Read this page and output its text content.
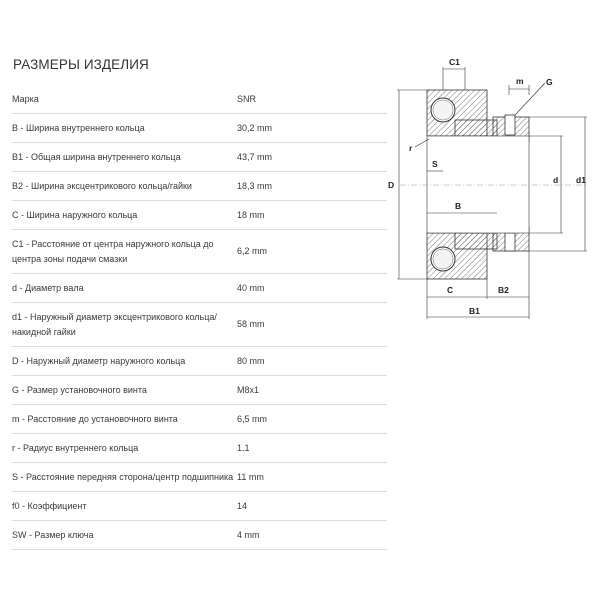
РАЗМЕРЫ ИЗДЕЛИЯ
Марка	SNR
B - Ширина внутреннего кольца	30,2 mm
B1 - Общая ширина внутреннего кольца	43,7 mm
B2 - Ширина эксцентрикового кольца/гайки	18,3 mm
C - Ширина наружного кольца	18 mm
C1 - Расстояние от центра наружного кольца до центра зоны подачи смазки	6,2 mm
d - Диаметр вала	40 mm
d1 - Наружный диаметр эксцентрикового кольца/накидной гайки	58 mm
D - Наружный диаметр наружного кольца	80 mm
G - Размер установочного винта	M8x1
m - Расстояние до установочного винта	6,5 mm
r - Радиус внутреннего кольца	1.1
S - Расстояние передняя сторона/центр подшипника	11 mm
f0 - Коэффициент	14
SW - Размер ключа	4 mm
C1
m	G
r
S
D	d d1
B
C	B2
B1
